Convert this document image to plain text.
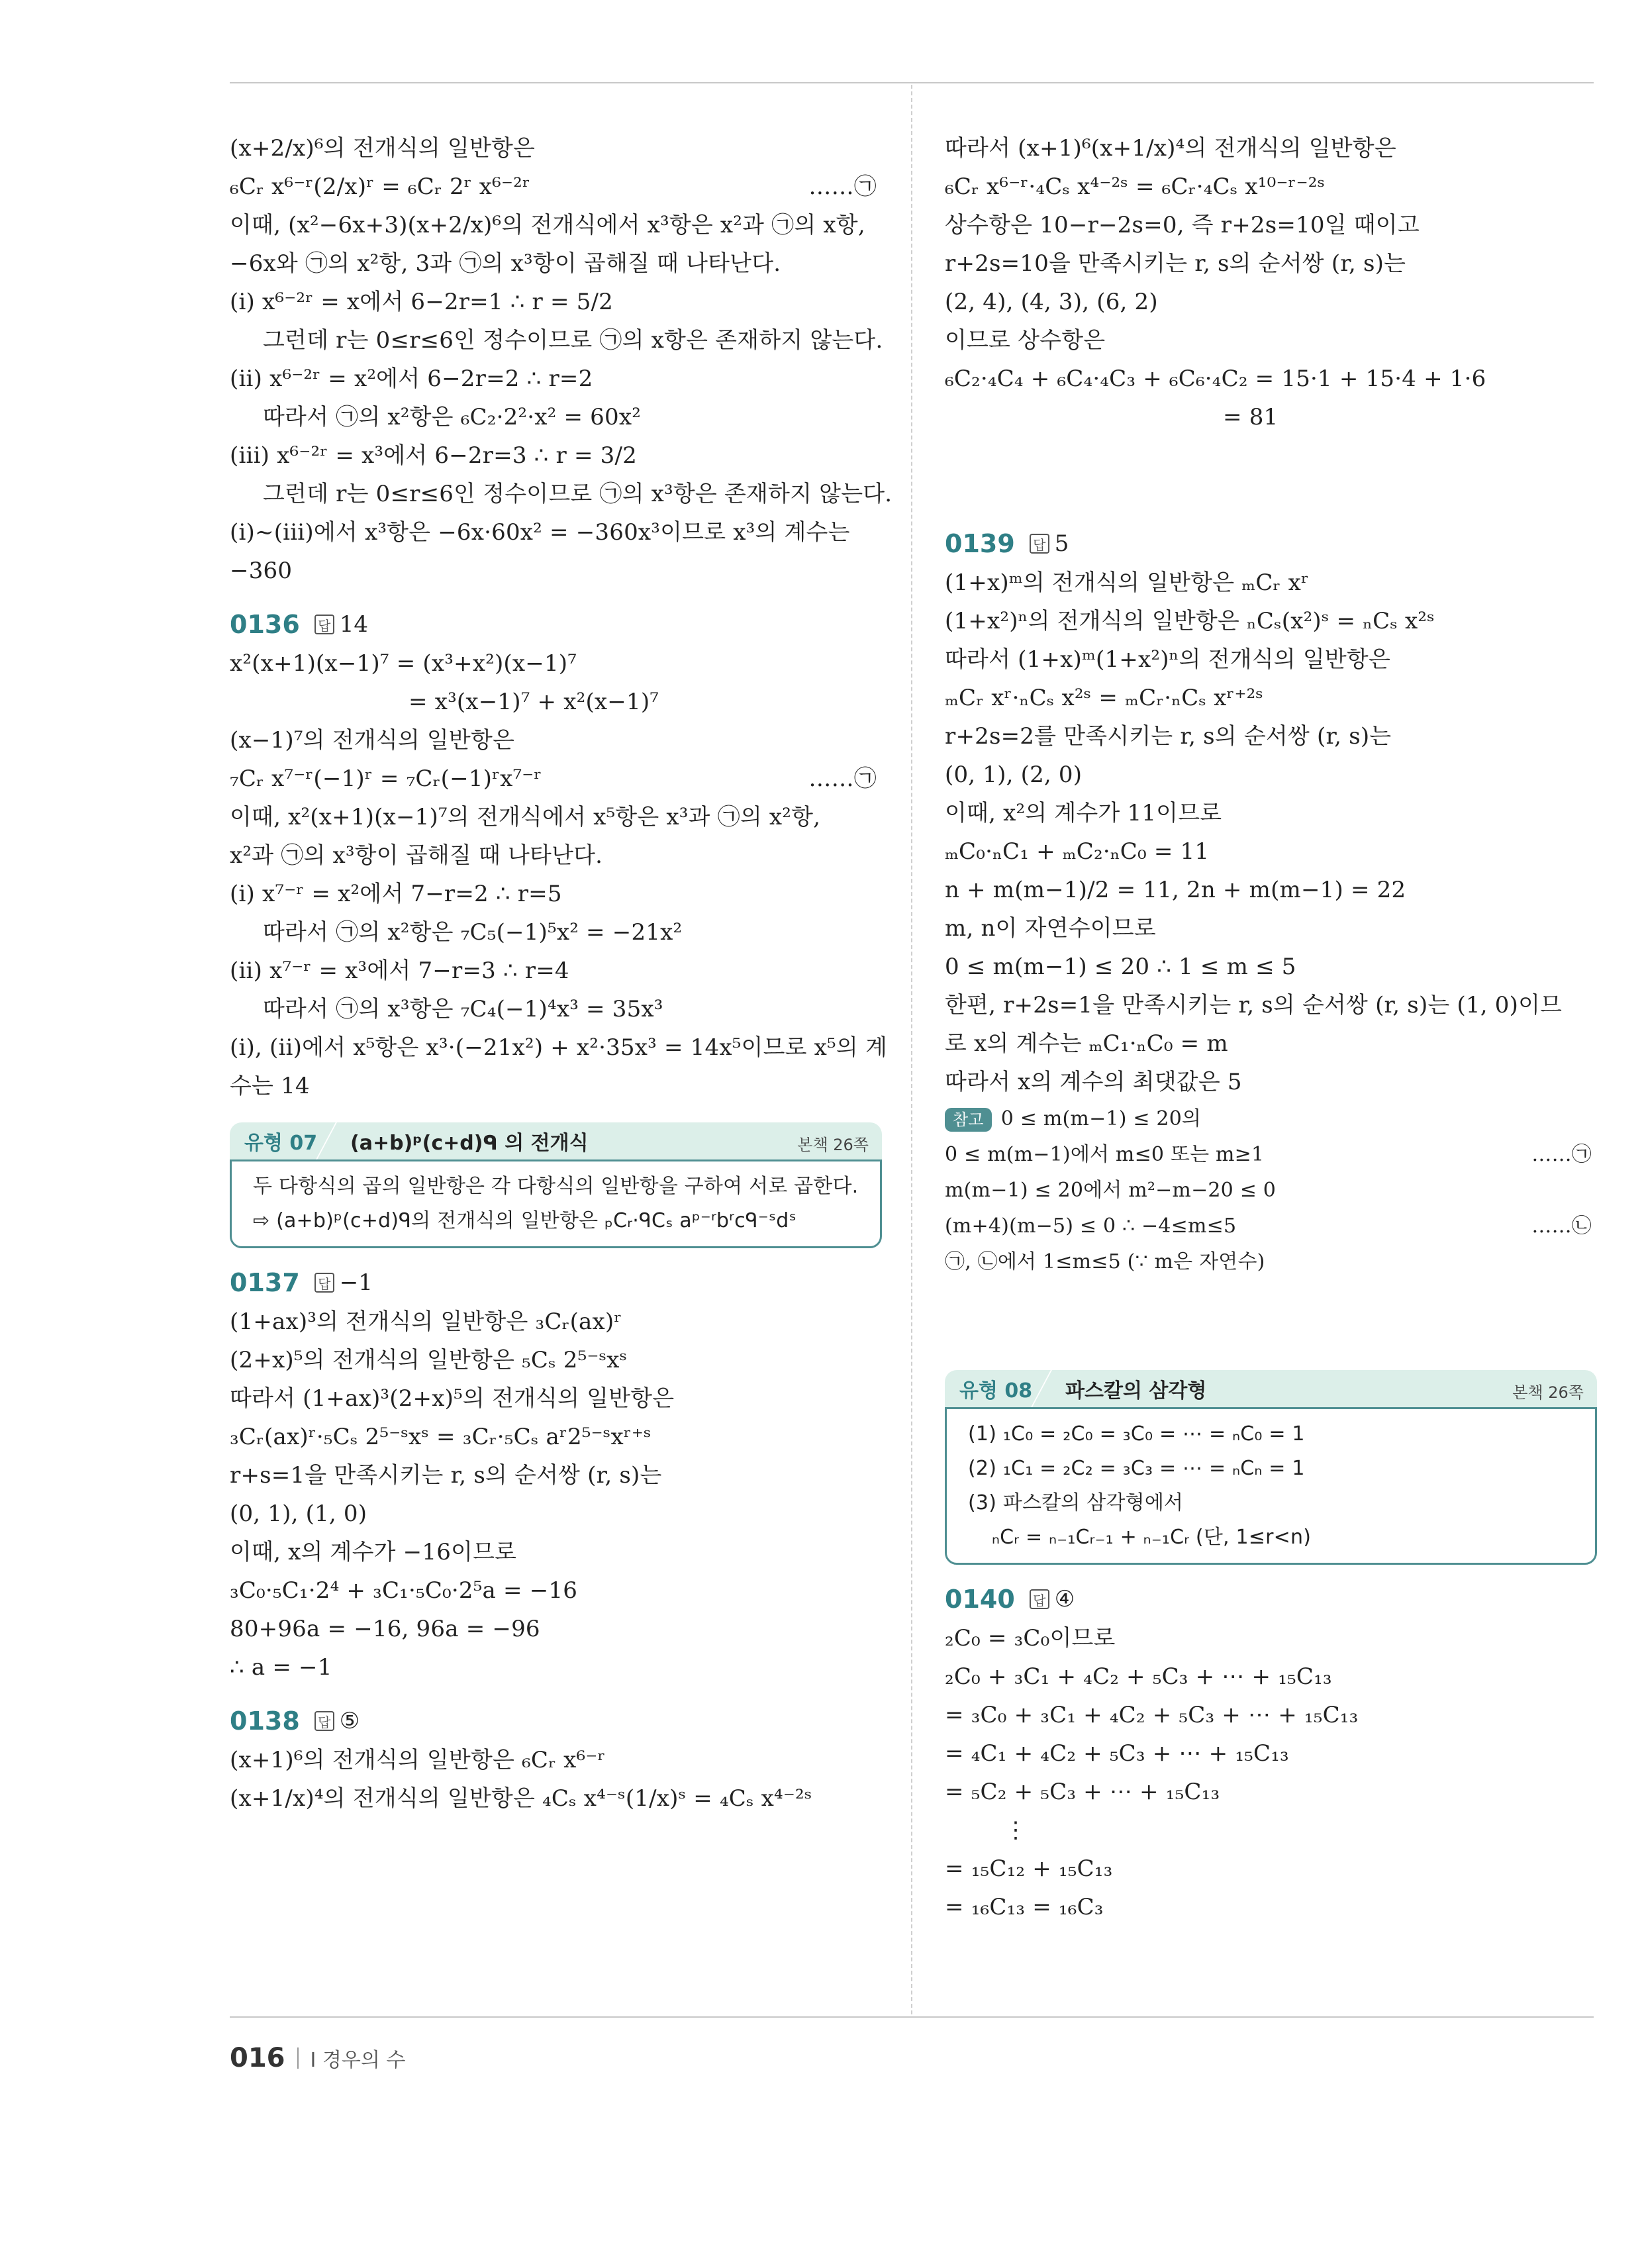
(x+2/x)⁶의 전개식의 일반항은
₆Cᵣ x⁶⁻ʳ(2/x)ʳ = ₆Cᵣ 2ʳ x⁶⁻²ʳ	……㉠
이때, (x²−6x+3)(x+2/x)⁶의 전개식에서 x³항은 x²과 ㉠의 x항,
−6x와 ㉠의 x²항, 3과 ㉠의 x³항이 곱해질 때 나타난다.
(i) x⁶⁻²ʳ = x에서 6−2r=1 ∴ r = 5/2
그런데 r는 0≤r≤6인 정수이므로 ㉠의 x항은 존재하지 않는다.
(ii) x⁶⁻²ʳ = x²에서 6−2r=2 ∴ r=2
따라서 ㉠의 x²항은 ₆C₂·2²·x² = 60x²
(iii) x⁶⁻²ʳ = x³에서 6−2r=3 ∴ r = 3/2
그런데 r는 0≤r≤6인 정수이므로 ㉠의 x³항은 존재하지 않는다.
(i)~(iii)에서 x³항은 −6x·60x² = −360x³이므로 x³의 계수는
−360
0136 답 14
x²(x+1)(x−1)⁷ = (x³+x²)(x−1)⁷
= x³(x−1)⁷ + x²(x−1)⁷
(x−1)⁷의 전개식의 일반항은
₇Cᵣ x⁷⁻ʳ(−1)ʳ = ₇Cᵣ(−1)ʳx⁷⁻ʳ	……㉠
이때, x²(x+1)(x−1)⁷의 전개식에서 x⁵항은 x³과 ㉠의 x²항,
x²과 ㉠의 x³항이 곱해질 때 나타난다.
(i) x⁷⁻ʳ = x²에서 7−r=2 ∴ r=5
따라서 ㉠의 x²항은 ₇C₅(−1)⁵x² = −21x²
(ii) x⁷⁻ʳ = x³에서 7−r=3 ∴ r=4
따라서 ㉠의 x³항은 ₇C₄(−1)⁴x³ = 35x³
(i), (ii)에서 x⁵항은 x³·(−21x²) + x²·35x³ = 14x⁵이므로 x⁵의 계
수는 14
유형 07	(a+b)ᵖ(c+d)ᑫ 의 전개식	본책 26쪽
두 다항식의 곱의 일반항은 각 다항식의 일반항을 구하여 서로 곱한다.
⇨ (a+b)ᵖ(c+d)ᑫ의 전개식의 일반항은 ₚCᵣ·ᑫCₛ aᵖ⁻ʳbʳcᑫ⁻ˢdˢ
0137 답 −1
(1+ax)³의 전개식의 일반항은 ₃Cᵣ(ax)ʳ
(2+x)⁵의 전개식의 일반항은 ₅Cₛ 2⁵⁻ˢxˢ
따라서 (1+ax)³(2+x)⁵의 전개식의 일반항은
₃Cᵣ(ax)ʳ·₅Cₛ 2⁵⁻ˢxˢ = ₃Cᵣ·₅Cₛ aʳ2⁵⁻ˢxʳ⁺ˢ
r+s=1을 만족시키는 r, s의 순서쌍 (r, s)는
(0, 1), (1, 0)
이때, x의 계수가 −16이므로
₃C₀·₅C₁·2⁴ + ₃C₁·₅C₀·2⁵a = −16
80+96a = −16, 96a = −96
∴ a = −1
0138 답 ⑤
(x+1)⁶의 전개식의 일반항은 ₆Cᵣ x⁶⁻ʳ
(x+1/x)⁴의 전개식의 일반항은 ₄Cₛ x⁴⁻ˢ(1/x)ˢ = ₄Cₛ x⁴⁻²ˢ
따라서 (x+1)⁶(x+1/x)⁴의 전개식의 일반항은
₆Cᵣ x⁶⁻ʳ·₄Cₛ x⁴⁻²ˢ = ₆Cᵣ·₄Cₛ x¹⁰⁻ʳ⁻²ˢ
상수항은 10−r−2s=0, 즉 r+2s=10일 때이고
r+2s=10을 만족시키는 r, s의 순서쌍 (r, s)는
(2, 4), (4, 3), (6, 2)
이므로 상수항은
₆C₂·₄C₄ + ₆C₄·₄C₃ + ₆C₆·₄C₂ = 15·1 + 15·4 + 1·6
= 81
0139 답 5
(1+x)ᵐ의 전개식의 일반항은 ₘCᵣ xʳ
(1+x²)ⁿ의 전개식의 일반항은 ₙCₛ(x²)ˢ = ₙCₛ x²ˢ
따라서 (1+x)ᵐ(1+x²)ⁿ의 전개식의 일반항은
ₘCᵣ xʳ·ₙCₛ x²ˢ = ₘCᵣ·ₙCₛ xʳ⁺²ˢ
r+2s=2를 만족시키는 r, s의 순서쌍 (r, s)는
(0, 1), (2, 0)
이때, x²의 계수가 11이므로
ₘC₀·ₙC₁ + ₘC₂·ₙC₀ = 11
n + m(m−1)/2 = 11, 2n + m(m−1) = 22
m, n이 자연수이므로
0 ≤ m(m−1) ≤ 20 ∴ 1 ≤ m ≤ 5
한편, r+2s=1을 만족시키는 r, s의 순서쌍 (r, s)는 (1, 0)이므
로 x의 계수는 ₘC₁·ₙC₀ = m
따라서 x의 계수의 최댓값은 5
참고 0 ≤ m(m−1) ≤ 20의
0 ≤ m(m−1)에서 m≤0 또는 m≥1	……㉠
m(m−1) ≤ 20에서 m²−m−20 ≤ 0
(m+4)(m−5) ≤ 0 ∴ −4≤m≤5	……㉡
㉠, ㉡에서 1≤m≤5 (∵ m은 자연수)
유형 08	파스칼의 삼각형	본책 26쪽
(1) ₁C₀ = ₂C₀ = ₃C₀ = ⋯ = ₙC₀ = 1
(2) ₁C₁ = ₂C₂ = ₃C₃ = ⋯ = ₙCₙ = 1
(3) 파스칼의 삼각형에서
ₙCᵣ = ₙ₋₁Cᵣ₋₁ + ₙ₋₁Cᵣ (단, 1≤r<n)
0140 답 ④
₂C₀ = ₃C₀이므로
₂C₀ + ₃C₁ + ₄C₂ + ₅C₃ + ⋯ + ₁₅C₁₃
= ₃C₀ + ₃C₁ + ₄C₂ + ₅C₃ + ⋯ + ₁₅C₁₃
= ₄C₁ + ₄C₂ + ₅C₃ + ⋯ + ₁₅C₁₃
= ₅C₂ + ₅C₃ + ⋯ + ₁₅C₁₃
⋮
= ₁₅C₁₂ + ₁₅C₁₃
= ₁₆C₁₃ = ₁₆C₃
016 Ⅰ 경우의 수
